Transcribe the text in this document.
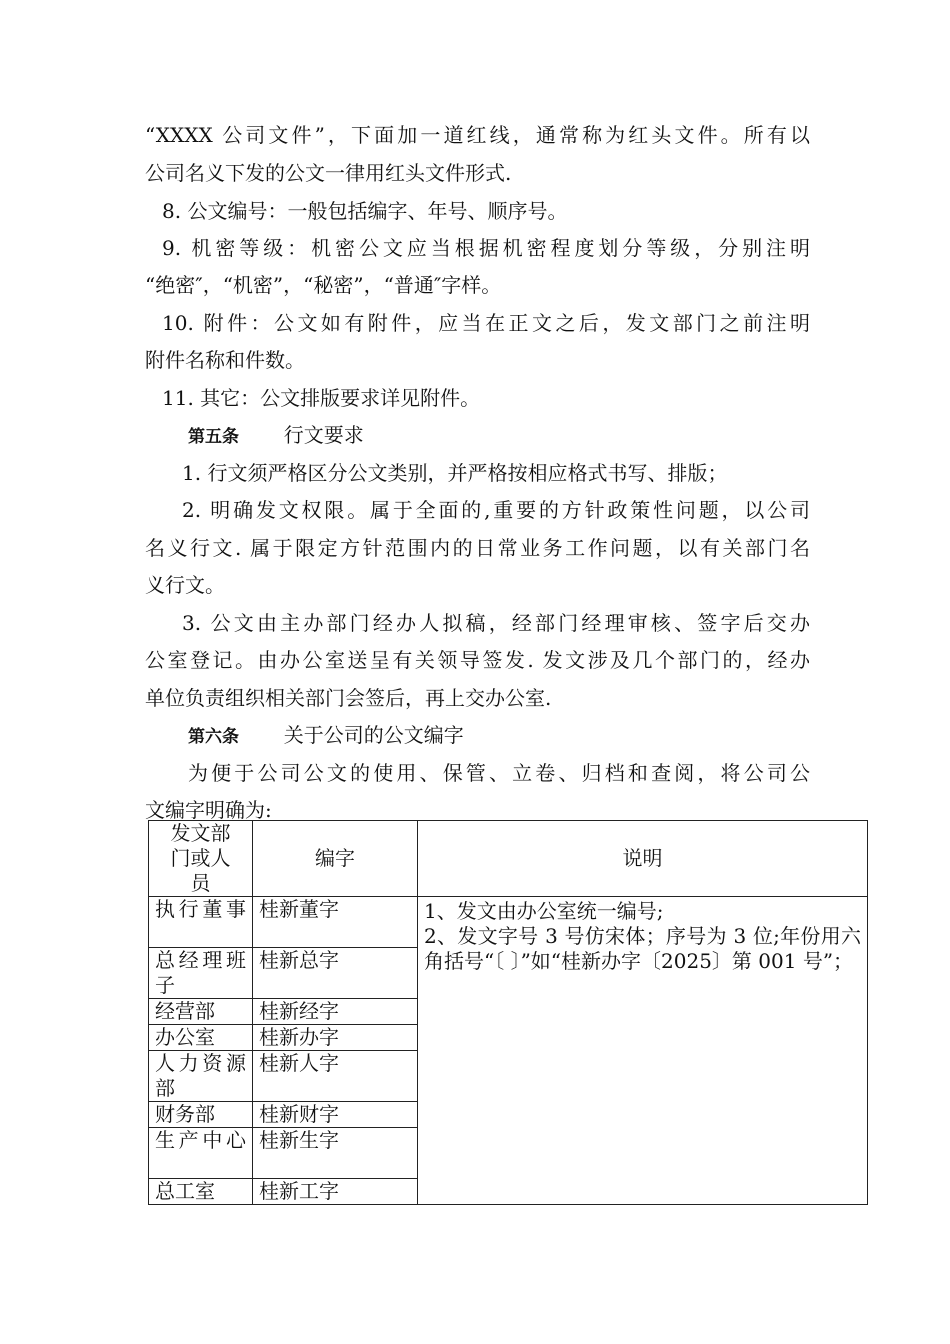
“XXXX 公司文件”，下面加一道红线，通常称为红头文件。所有以
公司名义下发的公文一律用红头文件形式.
8. 公文编号：一般包括编字、年号、顺序号。
9. 机密等级：机密公文应当根据机密程度划分等级，分别注明
“绝密″，“机密”，“秘密”，“普通″字样。
10. 附件：公文如有附件，应当在正文之后，发文部门之前注明
附件名称和件数。
11. 其它：公文排版要求详见附件。
第五条 行文要求
1. 行文须严格区分公文类别，并严格按相应格式书写、排版；
2. 明确发文权限。属于全面的,重要的方针政策性问题，以公司
名义行文. 属于限定方针范围内的日常业务工作问题，以有关部门名
义行文。
3. 公文由主办部门经办人拟稿，经部门经理审核、签字后交办
公室登记。由办公室送呈有关领导签发. 发文涉及几个部门的，经办
单位负责组织相关部门会签后，再上交办公室.
第六条 关于公司的公文编字
为便于公司公文的使用、保管、立卷、归档和查阅，将公司公
文编字明确为:
发文部门或人员	编字	说明
执行董事	桂新董字	1、发文由办公室统一编号;
2、发文字号 3 号仿宋体；序号为 3 位;年份用六角括号“〔 〕”如“桂新办字〔2025〕第 001 号”；

总经理班子	桂新总字	
经营部	桂新经字	
办公室	桂新办字	
人力资源部	桂新人字	
财务部	桂新财字	
生产中心	桂新生字	
总工室	桂新工字	
